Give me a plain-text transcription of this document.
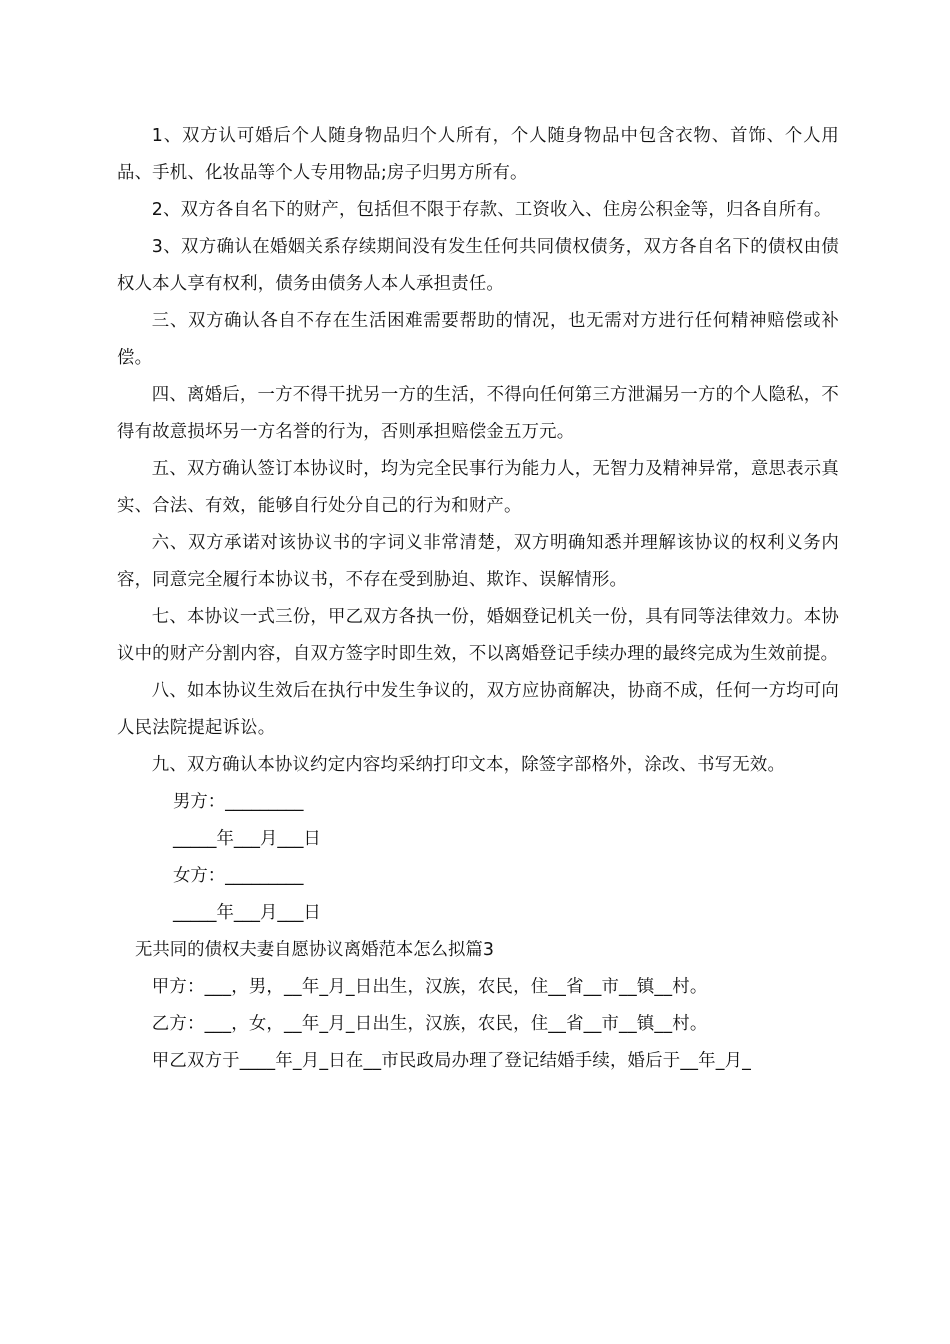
1、双方认可婚后个人随身物品归个人所有，个人随身物品中包含衣物、首饰、个人用品、手机、化妆品等个人专用物品;房子归男方所有。

2、双方各自名下的财产，包括但不限于存款、工资收入、住房公积金等，归各自所有。

3、双方确认在婚姻关系存续期间没有发生任何共同债权债务，双方各自名下的债权由债权人本人享有权利，债务由债务人本人承担责任。

三、双方确认各自不存在生活困难需要帮助的情况，也无需对方进行任何精神赔偿或补偿。

四、离婚后，一方不得干扰另一方的生活，不得向任何第三方泄漏另一方的个人隐私，不得有故意损坏另一方名誉的行为，否则承担赔偿金五万元。

五、双方确认签订本协议时，均为完全民事行为能力人，无智力及精神异常，意思表示真实、合法、有效，能够自行处分自己的行为和财产。

六、双方承诺对该协议书的字词义非常清楚，双方明确知悉并理解该协议的权利义务内容，同意完全履行本协议书，不存在受到胁迫、欺诈、误解情形。

七、本协议一式三份，甲乙双方各执一份，婚姻登记机关一份，具有同等法律效力。本协议中的财产分割内容，自双方签字时即生效，不以离婚登记手续办理的最终完成为生效前提。

八、如本协议生效后在执行中发生争议的，双方应协商解决，协商不成，任何一方均可向人民法院提起诉讼。

九、双方确认本协议约定内容均采纳打印文本，除签字部格外，涂改、书写无效。

男方：_________

_____年___月___日

女方：_________

_____年___月___日

无共同的债权夫妻自愿协议离婚范本怎么拟篇3

甲方：___，男，__年_月_日出生，汉族，农民，住__省__市__镇__村。

乙方：___，女，__年_月_日出生，汉族，农民，住__省__市__镇__村。

甲乙双方于____年_月_日在__市民政局办理了登记结婚手续，婚后于__年_月_
